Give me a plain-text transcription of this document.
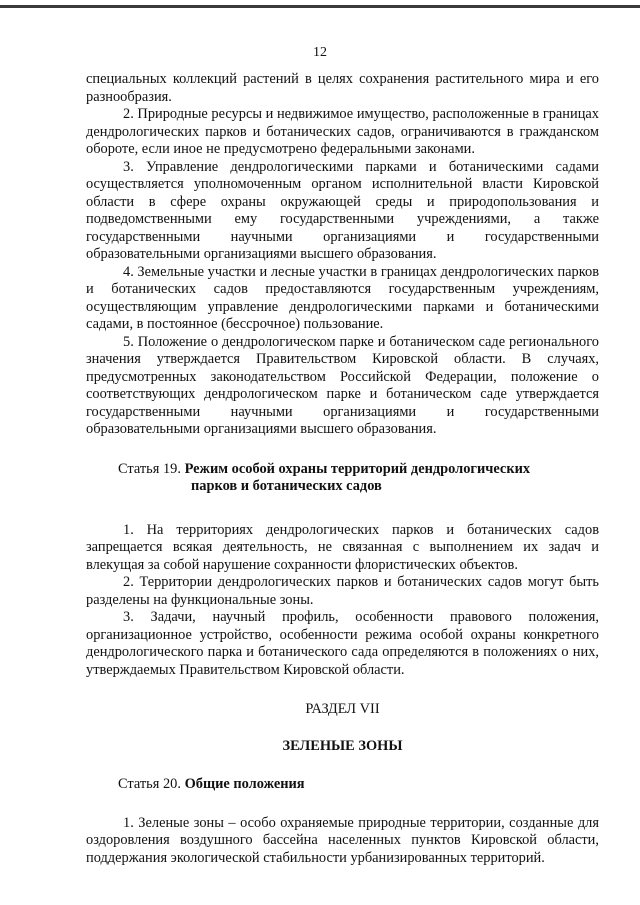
12

специальных коллекций растений в целях сохранения растительного мира и его разнообразия.

2. Природные ресурсы и недвижимое имущество, расположенные в границах дендрологических парков и ботанических садов, ограничиваются в гражданском обороте, если иное не предусмотрено федеральными законами.

3. Управление дендрологическими парками и ботаническими садами осуществляется уполномоченным органом исполнительной власти Кировской области в сфере охраны окружающей среды и природопользования и подведомственными ему государственными учреждениями, а также государственными научными организациями и государственными образовательными организациями высшего образования.

4. Земельные участки и лесные участки в границах дендрологических парков и ботанических садов предоставляются государственным учреждениям, осуществляющим управление дендрологическими парками и ботаническими садами, в постоянное (бессрочное) пользование.

5. Положение о дендрологическом парке и ботаническом саде регионального значения утверждается Правительством Кировской области. В случаях, предусмотренных законодательством Российской Федерации, положение о соответствующих дендрологическом парке и ботаническом саде утверждается государственными научными организациями и государственными образовательными организациями высшего образования.

Статья 19. Режим особой охраны территорий дендрологических
парков и ботанических садов

1. На территориях дендрологических парков и ботанических садов запрещается всякая деятельность, не связанная с выполнением их задач и влекущая за собой нарушение сохранности флористических объектов.

2. Территории дендрологических парков и ботанических садов могут быть разделены на функциональные зоны.

3. Задачи, научный профиль, особенности правового положения, организационное устройство, особенности режима особой охраны конкретного дендрологического парка и ботанического сада определяются в положениях о них, утверждаемых Правительством Кировской области.

РАЗДЕЛ VII
ЗЕЛЕНЫЕ ЗОНЫ
Статья 20. Общие положения

1. Зеленые зоны – особо охраняемые природные территории, созданные для оздоровления воздушного бассейна населенных пунктов Кировской области, поддержания экологической стабильности урбанизированных территорий.
